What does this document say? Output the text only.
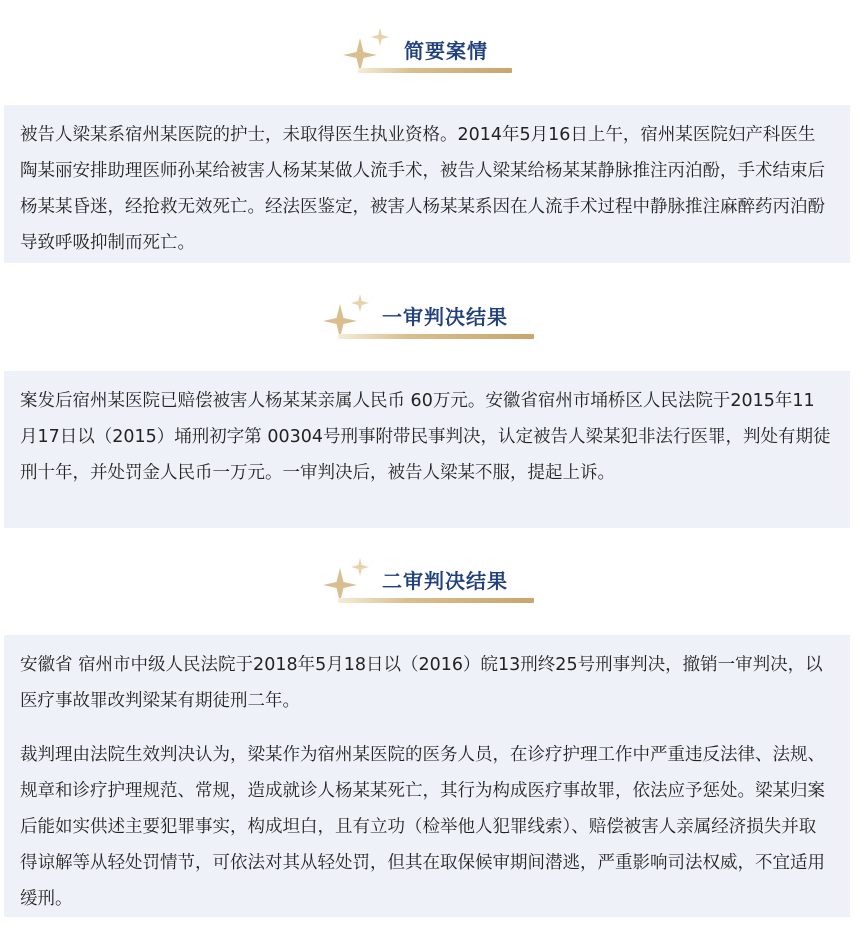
简要案情

被告人梁某系宿州某医院的护士，未取得医生执业资格。2014年5月16日上午，宿州某医院妇产科医生陶某丽安排助理医师孙某给被害人杨某某做人流手术，被告人梁某给杨某某静脉推注丙泊酚，手术结束后杨某某昏迷，经抢救无效死亡。经法医鉴定，被害人杨某某系因在人流手术过程中静脉推注麻醉药丙泊酚导致呼吸抑制而死亡。

一审判决结果

案发后宿州某医院已赔偿被害人杨某某亲属人民币 60万元。安徽省宿州市埇桥区人民法院于2015年11月17日以（2015）埇刑初字第 00304号刑事附带民事判决，认定被告人梁某犯非法行医罪，判处有期徒刑十年，并处罚金人民币一万元。一审判决后，被告人梁某不服，提起上诉。

二审判决结果

安徽省 宿州市中级人民法院于2018年5月18日以（2016）皖13刑终25号刑事判决，撤销一审判决，以医疗事故罪改判梁某有期徒刑二年。

裁判理由法院生效判决认为，梁某作为宿州某医院的医务人员，在诊疗护理工作中严重违反法律、法规、规章和诊疗护理规范、常规，造成就诊人杨某某死亡，其行为构成医疗事故罪，依法应予惩处。梁某归案后能如实供述主要犯罪事实，构成坦白，且有立功（检举他人犯罪线索）、赔偿被害人亲属经济损失并取得谅解等从轻处罚情节，可依法对其从轻处罚，但其在取保候审期间潜逃，严重影响司法权威，不宜适用缓刑。
